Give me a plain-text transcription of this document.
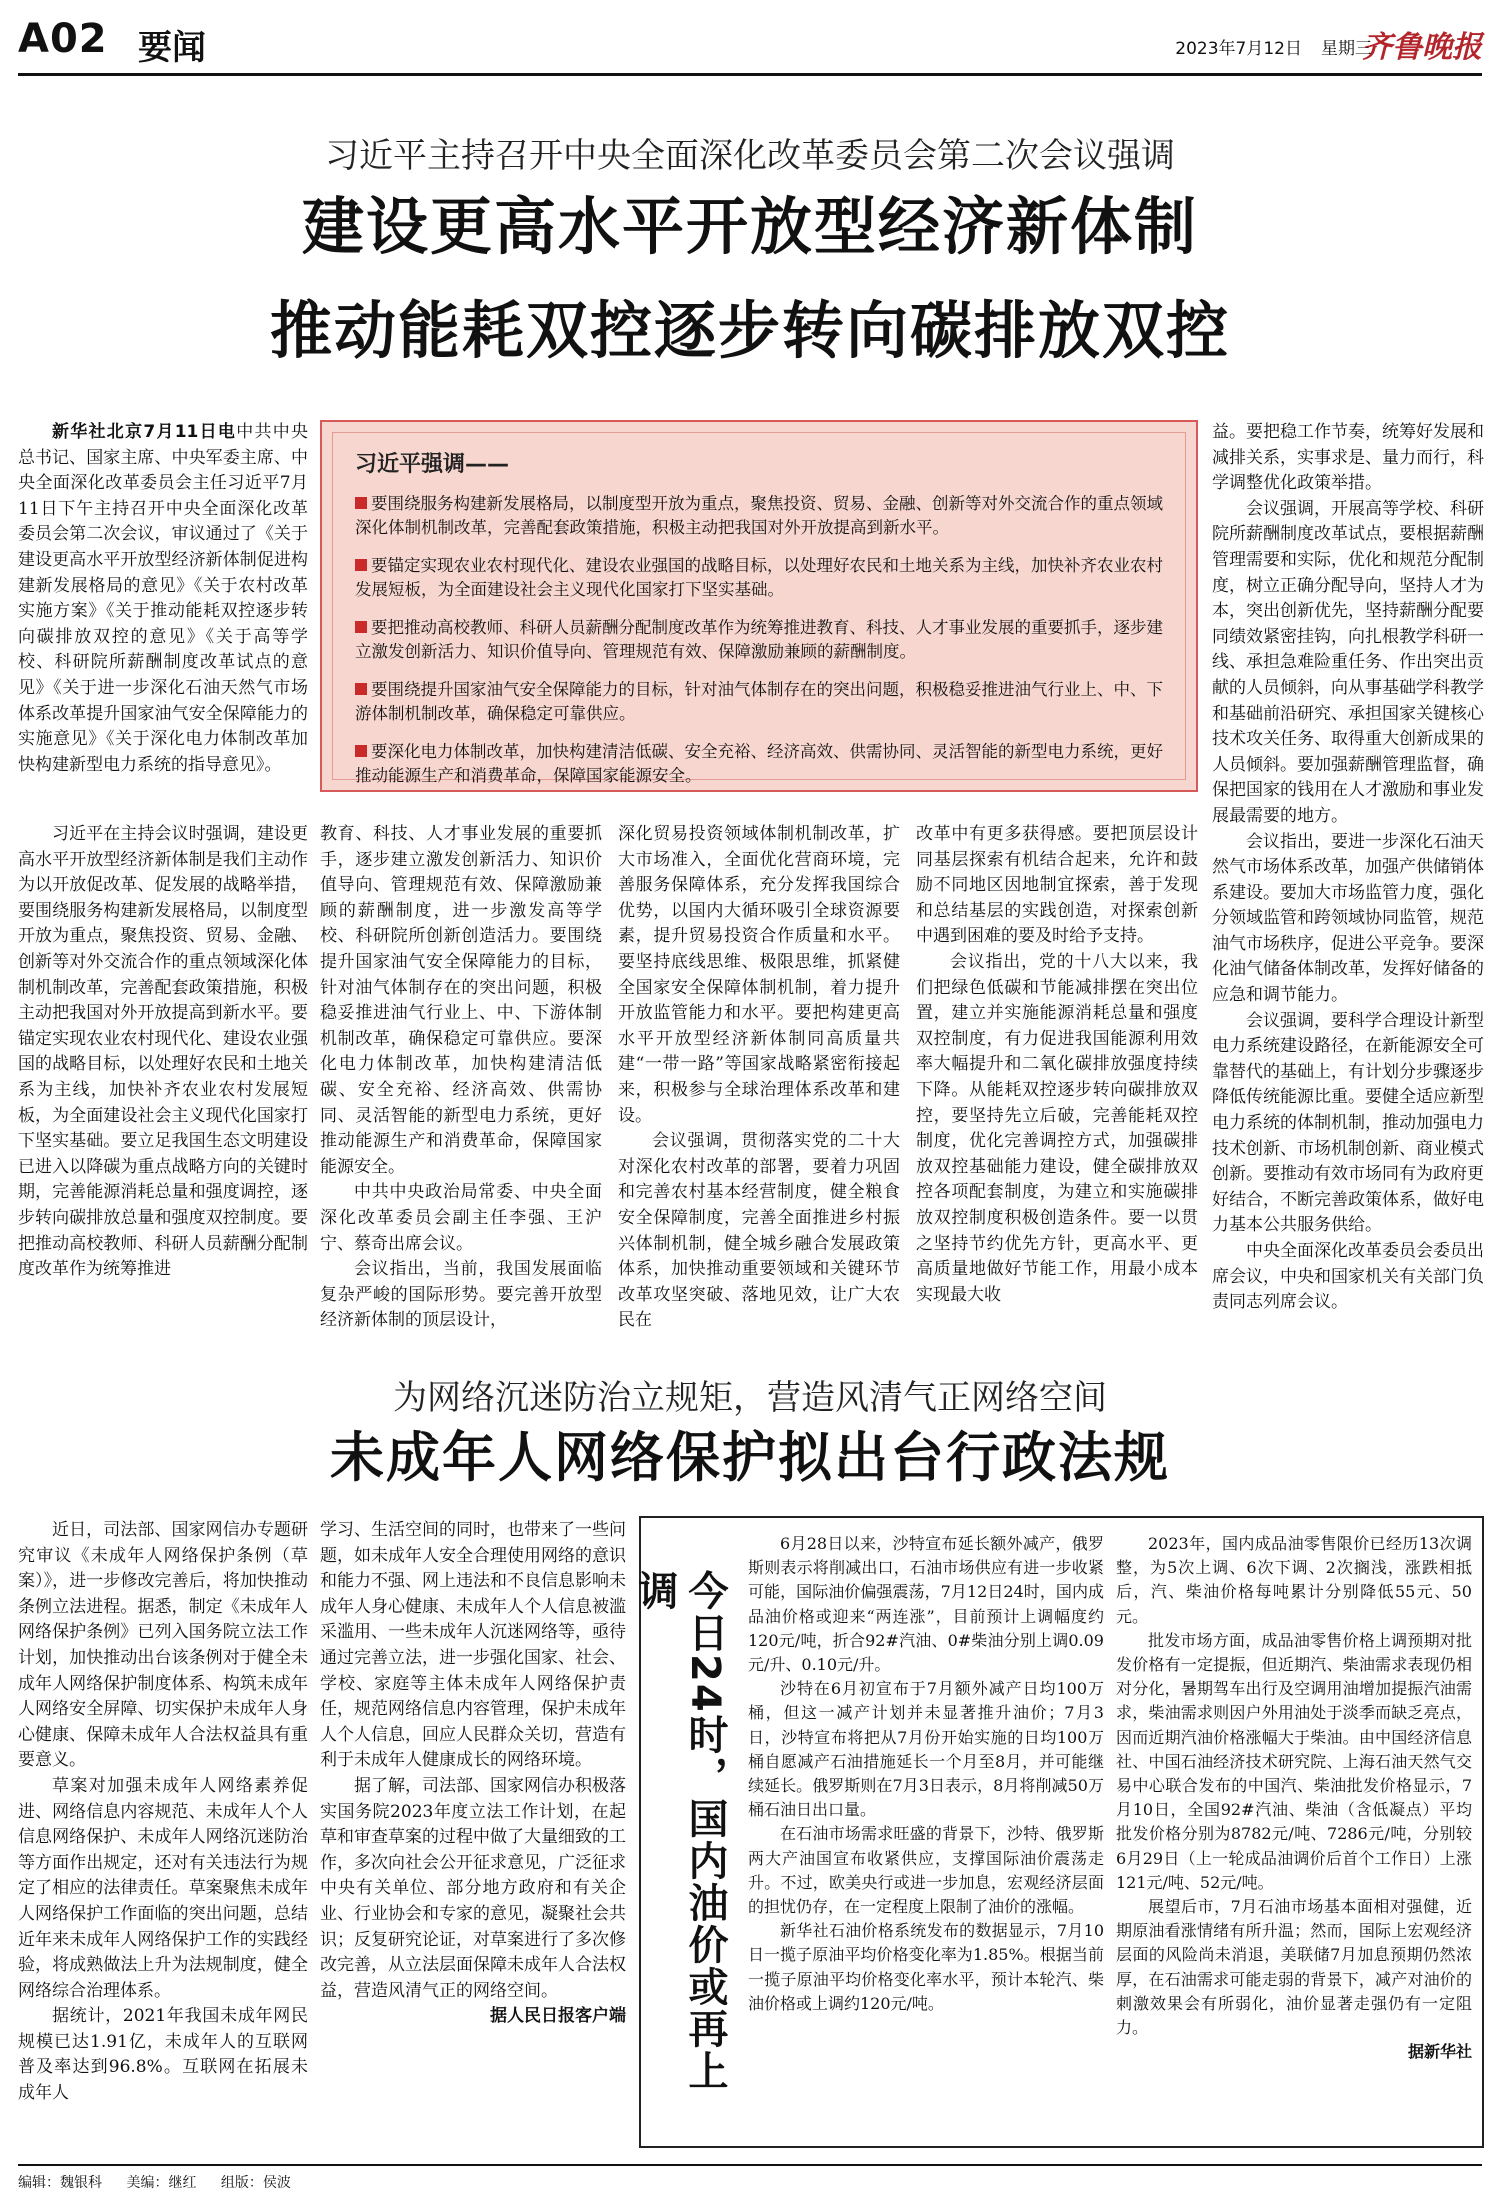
A02 要闻	2023年7月12日 星期三
齐鲁晚报
习近平主持召开中央全面深化改革委员会第二次会议强调
建设更高水平开放型经济新体制
推动能耗双控逐步转向碳排放双控

新华社北京7月11日电中共中央总书记、国家主席、中央军委主席、中央全面深化改革委员会主任习近平7月11日下午主持召开中央全面深化改革委员会第二次会议，审议通过了《关于建设更高水平开放型经济新体制促进构建新发展格局的意见》《关于农村改革实施方案》《关于推动能耗双控逐步转向碳排放双控的意见》《关于高等学校、科研院所薪酬制度改革试点的意见》《关于进一步深化石油天然气市场体系改革提升国家油气安全保障能力的实施意见》《关于深化电力体制改革加快构建新型电力系统的指导意见》。

习近平强调——
要围绕服务构建新发展格局，以制度型开放为重点，聚焦投资、贸易、金融、创新等对外交流合作的重点领域深化体制机制改革，完善配套政策措施，积极主动把我国对外开放提高到新水平。
要锚定实现农业农村现代化、建设农业强国的战略目标，以处理好农民和土地关系为主线，加快补齐农业农村发展短板，为全面建设社会主义现代化国家打下坚实基础。
要把推动高校教师、科研人员薪酬分配制度改革作为统筹推进教育、科技、人才事业发展的重要抓手，逐步建立激发创新活力、知识价值导向、管理规范有效、保障激励兼顾的薪酬制度。
要围绕提升国家油气安全保障能力的目标，针对油气体制存在的突出问题，积极稳妥推进油气行业上、中、下游体制机制改革，确保稳定可靠供应。
要深化电力体制改革，加快构建清洁低碳、安全充裕、经济高效、供需协同、灵活智能的新型电力系统，更好推动能源生产和消费革命，保障国家能源安全。

益。要把稳工作节奏，统筹好发展和减排关系，实事求是、量力而行，科学调整优化政策举措。

会议强调，开展高等学校、科研院所薪酬制度改革试点，要根据薪酬管理需要和实际，优化和规范分配制度，树立正确分配导向，坚持人才为本，突出创新优先，坚持薪酬分配要同绩效紧密挂钩，向扎根教学科研一线、承担急难险重任务、作出突出贡献的人员倾斜，向从事基础学科教学和基础前沿研究、承担国家关键核心技术攻关任务、取得重大创新成果的人员倾斜。要加强薪酬管理监督，确保把国家的钱用在人才激励和事业发展最需要的地方。

会议指出，要进一步深化石油天然气市场体系改革，加强产供储销体系建设。要加大市场监管力度，强化分领域监管和跨领域协同监管，规范油气市场秩序，促进公平竞争。要深化油气储备体制改革，发挥好储备的应急和调节能力。

会议强调，要科学合理设计新型电力系统建设路径，在新能源安全可靠替代的基础上，有计划分步骤逐步降低传统能源比重。要健全适应新型电力系统的体制机制，推动加强电力技术创新、市场机制创新、商业模式创新。要推动有效市场同有为政府更好结合，不断完善政策体系，做好电力基本公共服务供给。

中央全面深化改革委员会委员出席会议，中央和国家机关有关部门负责同志列席会议。

习近平在主持会议时强调，建设更高水平开放型经济新体制是我们主动作为以开放促改革、促发展的战略举措，要围绕服务构建新发展格局，以制度型开放为重点，聚焦投资、贸易、金融、创新等对外交流合作的重点领域深化体制机制改革，完善配套政策措施，积极主动把我国对外开放提高到新水平。要锚定实现农业农村现代化、建设农业强国的战略目标，以处理好农民和土地关系为主线，加快补齐农业农村发展短板，为全面建设社会主义现代化国家打下坚实基础。要立足我国生态文明建设已进入以降碳为重点战略方向的关键时期，完善能源消耗总量和强度调控，逐步转向碳排放总量和强度双控制度。要把推动高校教师、科研人员薪酬分配制度改革作为统筹推进

教育、科技、人才事业发展的重要抓手，逐步建立激发创新活力、知识价值导向、管理规范有效、保障激励兼顾的薪酬制度，进一步激发高等学校、科研院所创新创造活力。要围绕提升国家油气安全保障能力的目标，针对油气体制存在的突出问题，积极稳妥推进油气行业上、中、下游体制机制改革，确保稳定可靠供应。要深化电力体制改革，加快构建清洁低碳、安全充裕、经济高效、供需协同、灵活智能的新型电力系统，更好推动能源生产和消费革命，保障国家能源安全。

中共中央政治局常委、中央全面深化改革委员会副主任李强、王沪宁、蔡奇出席会议。

会议指出，当前，我国发展面临复杂严峻的国际形势。要完善开放型经济新体制的顶层设计，

深化贸易投资领域体制机制改革，扩大市场准入，全面优化营商环境，完善服务保障体系，充分发挥我国综合优势，以国内大循环吸引全球资源要素，提升贸易投资合作质量和水平。要坚持底线思维、极限思维，抓紧健全国家安全保障体制机制，着力提升开放监管能力和水平。要把构建更高水平开放型经济新体制同高质量共建“一带一路”等国家战略紧密衔接起来，积极参与全球治理体系改革和建设。

会议强调，贯彻落实党的二十大对深化农村改革的部署，要着力巩固和完善农村基本经营制度，健全粮食安全保障制度，完善全面推进乡村振兴体制机制，健全城乡融合发展政策体系，加快推动重要领域和关键环节改革攻坚突破、落地见效，让广大农民在

改革中有更多获得感。要把顶层设计同基层探索有机结合起来，允许和鼓励不同地区因地制宜探索，善于发现和总结基层的实践创造，对探索创新中遇到困难的要及时给予支持。

会议指出，党的十八大以来，我们把绿色低碳和节能减排摆在突出位置，建立并实施能源消耗总量和强度双控制度，有力促进我国能源利用效率大幅提升和二氧化碳排放强度持续下降。从能耗双控逐步转向碳排放双控，要坚持先立后破，完善能耗双控制度，优化完善调控方式，加强碳排放双控基础能力建设，健全碳排放双控各项配套制度，为建立和实施碳排放双控制度积极创造条件。要一以贯之坚持节约优先方针，更高水平、更高质量地做好节能工作，用最小成本实现最大收

为网络沉迷防治立规矩，营造风清气正网络空间
未成年人网络保护拟出台行政法规

近日，司法部、国家网信办专题研究审议《未成年人网络保护条例（草案）》，进一步修改完善后，将加快推动条例立法进程。据悉，制定《未成年人网络保护条例》已列入国务院立法工作计划，加快推动出台该条例对于健全未成年人网络保护制度体系、构筑未成年人网络安全屏障、切实保护未成年人身心健康、保障未成年人合法权益具有重要意义。

草案对加强未成年人网络素养促进、网络信息内容规范、未成年人个人信息网络保护、未成年人网络沉迷防治等方面作出规定，还对有关违法行为规定了相应的法律责任。草案聚焦未成年人网络保护工作面临的突出问题，总结近年来未成年人网络保护工作的实践经验，将成熟做法上升为法规制度，健全网络综合治理体系。

据统计，2021年我国未成年网民规模已达1.91亿，未成年人的互联网普及率达到96.8%。互联网在拓展未成年人

学习、生活空间的同时，也带来了一些问题，如未成年人安全合理使用网络的意识和能力不强、网上违法和不良信息影响未成年人身心健康、未成年人个人信息被滥采滥用、一些未成年人沉迷网络等，亟待通过完善立法，进一步强化国家、社会、学校、家庭等主体未成年人网络保护责任，规范网络信息内容管理，保护未成年人个人信息，回应人民群众关切，营造有利于未成年人健康成长的网络环境。

据了解，司法部、国家网信办积极落实国务院2023年度立法工作计划，在起草和审查草案的过程中做了大量细致的工作，多次向社会公开征求意见，广泛征求中央有关单位、部分地方政府和有关企业、行业协会和专家的意见，凝聚社会共识；反复研究论证，对草案进行了多次修改完善，从立法层面保障未成年人合法权益，营造风清气正的网络空间。

据人民日报客户端 今日24时，国内油价或再上调

6月28日以来，沙特宣布延长额外减产，俄罗斯则表示将削减出口，石油市场供应有进一步收紧可能，国际油价偏强震荡，7月12日24时，国内成品油价格或迎来“两连涨”，目前预计上调幅度约120元/吨，折合92#汽油、0#柴油分别上调0.09元/升、0.10元/升。

沙特在6月初宣布于7月额外减产日均100万桶，但这一减产计划并未显著推升油价；7月3日，沙特宣布将把从7月份开始实施的日均100万桶自愿减产石油措施延长一个月至8月，并可能继续延长。俄罗斯则在7月3日表示，8月将削减50万桶石油日出口量。

在石油市场需求旺盛的背景下，沙特、俄罗斯两大产油国宣布收紧供应，支撑国际油价震荡走升。不过，欧美央行或进一步加息，宏观经济层面的担忧仍存，在一定程度上限制了油价的涨幅。

新华社石油价格系统发布的数据显示，7月10日一揽子原油平均价格变化率为1.85%。根据当前一揽子原油平均价格变化率水平，预计本轮汽、柴油价格或上调约120元/吨。

2023年，国内成品油零售限价已经历13次调整，为5次上调、6次下调、2次搁浅，涨跌相抵后，汽、柴油价格每吨累计分别降低55元、50元。

批发市场方面，成品油零售价格上调预期对批发价格有一定提振，但近期汽、柴油需求表现仍相对分化，暑期驾车出行及空调用油增加提振汽油需求，柴油需求则因户外用油处于淡季而缺乏亮点，因而近期汽油价格涨幅大于柴油。由中国经济信息社、中国石油经济技术研究院、上海石油天然气交易中心联合发布的中国汽、柴油批发价格显示，7月10日，全国92#汽油、柴油（含低凝点）平均批发价格分别为8782元/吨、7286元/吨，分别较6月29日（上一轮成品油调价后首个工作日）上涨121元/吨、52元/吨。

展望后市，7月石油市场基本面相对强健，近期原油看涨情绪有所升温；然而，国际上宏观经济层面的风险尚未消退，美联储7月加息预期仍然浓厚，在石油需求可能走弱的背景下，减产对油价的刺激效果会有所弱化，油价显著走强仍有一定阻力。

据新华社

编辑：魏银科 美编：继红 组版：侯波
